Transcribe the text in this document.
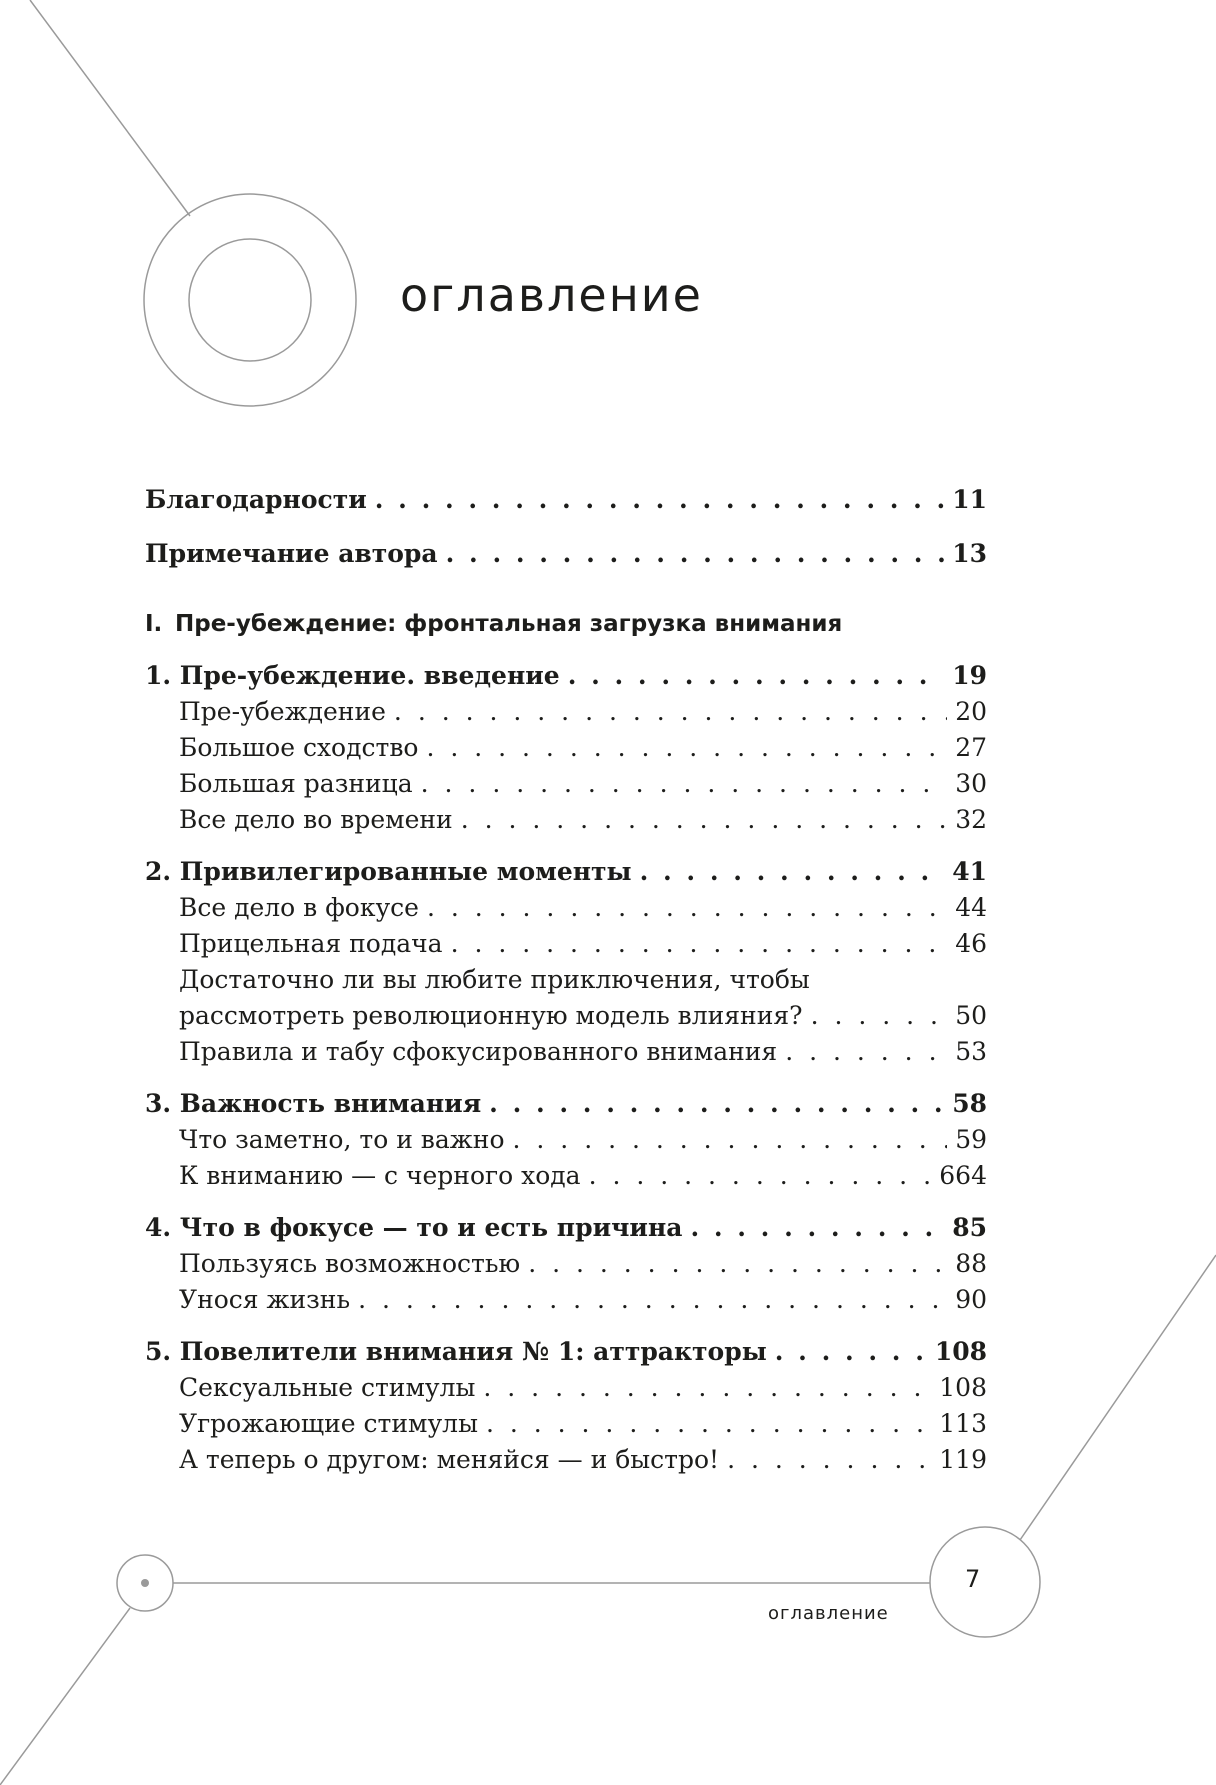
оглавление
Благодарности . . .	11
Примечание автора . . .	13
I. Пре-убеждение: фронтальная загрузка внимания
1. Пре-убеждение. введение . . .	19
Пре-убеждение . . .	20
Большое сходство . . .	27
Большая разница . . .	30
Все дело во времени . . .	32
2. Привилегированные моменты . . .	41
Все дело в фокусе . . .	44
Прицельная подача . . .	46
Достаточно ли вы любите приключения, чтобы
рассмотреть революционную модель влияния? . . .	50
Правила и табу сфокусированного внимания . . .	53
3. Важность внимания . . .	58
Что заметно, то и важно . . .	59
К вниманию — с черного хода . . .	664
4. Что в фокусе — то и есть причина . . .	85
Пользуясь возможностью . . .	88
Унося жизнь . . .	90
5. Повелители внимания № 1: аттракторы . . .	108
Сексуальные стимулы . . .	108
Угрожающие стимулы . . .	113
А теперь о другом: меняйся — и быстро! . . .	119
7
оглавление
